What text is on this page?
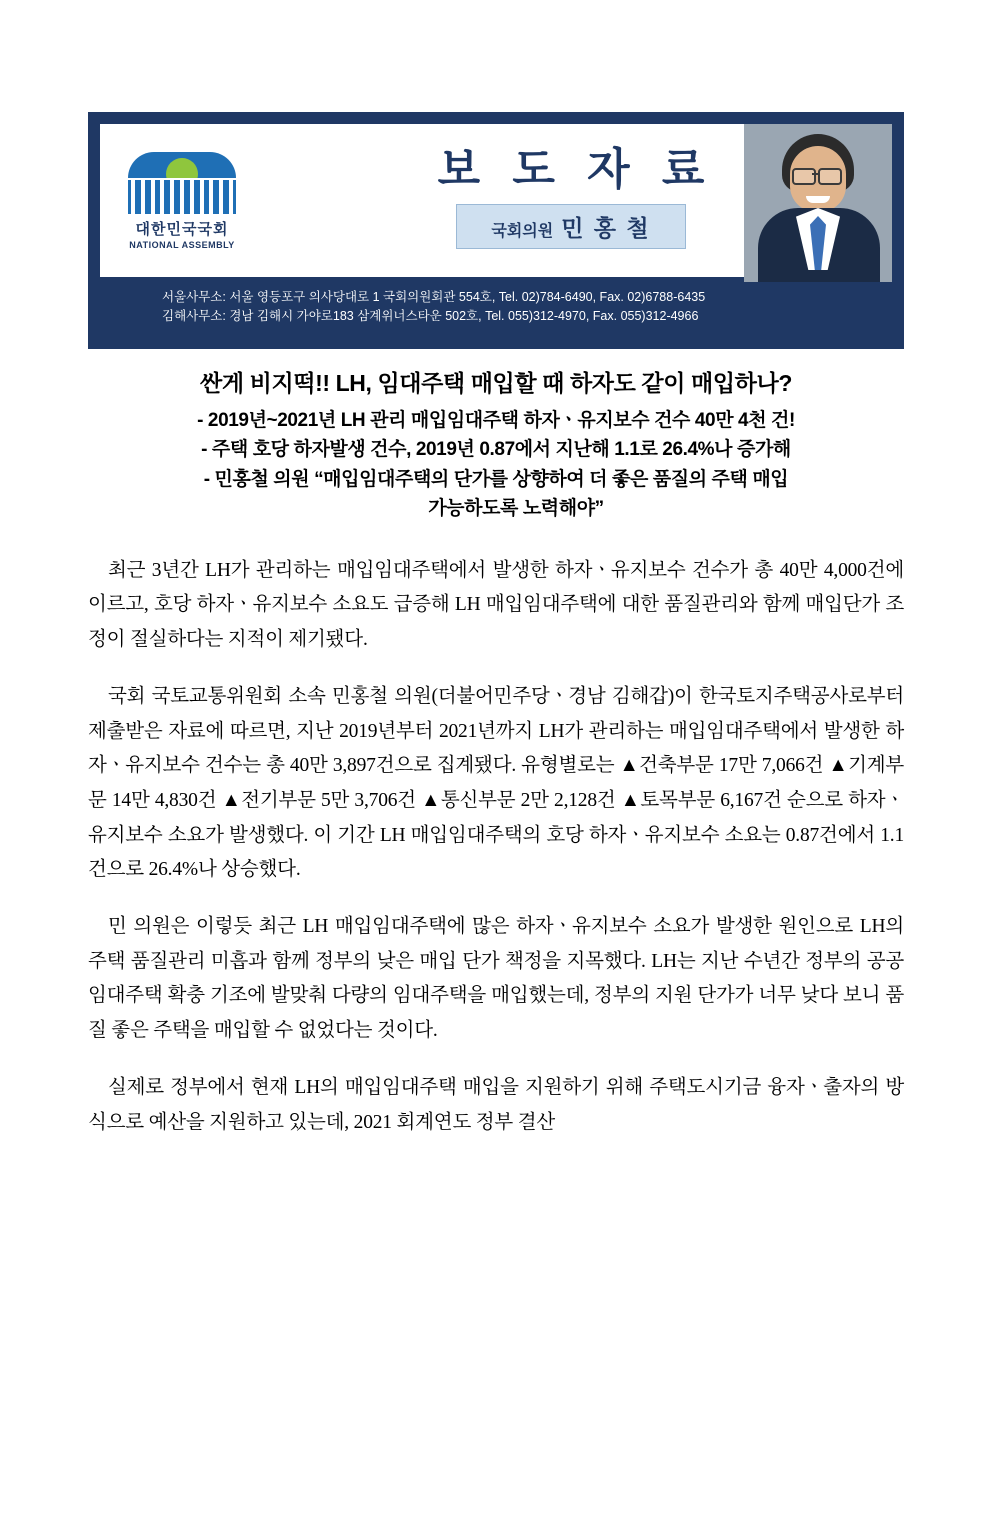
대한민국국회
NATIONAL ASSEMBLY
보 도 자 료
국회의원 민 홍 철
서울사무소: 서울 영등포구 의사당대로 1 국회의원회관 554호, Tel. 02)784-6490, Fax. 02)6788-6435
김해사무소: 경남 김해시 가야로183 삼계위너스타운 502호, Tel. 055)312-4970, Fax. 055)312-4966
싼게 비지떡!! LH, 임대주택 매입할 때 하자도 같이 매입하나?
- 2019년~2021년 LH 관리 매입임대주택 하자ㆍ유지보수 건수 40만 4천 건!
- 주택 호당 하자발생 건수, 2019년 0.87에서 지난해 1.1로 26.4%나 증가해
- 민홍철 의원 “매입임대주택의 단가를 상향하여 더 좋은 품질의 주택 매입
가능하도록 노력해야”

최근 3년간 LH가 관리하는 매입임대주택에서 발생한 하자ㆍ유지보수 건수가 총 40만 4,000건에 이르고, 호당 하자ㆍ유지보수 소요도 급증해 LH 매입임대주택에 대한 품질관리와 함께 매입단가 조정이 절실하다는 지적이 제기됐다.

국회 국토교통위원회 소속 민홍철 의원(더불어민주당ㆍ경남 김해갑)이 한국토지주택공사로부터 제출받은 자료에 따르면, 지난 2019년부터 2021년까지 LH가 관리하는 매입임대주택에서 발생한 하자ㆍ유지보수 건수는 총 40만 3,897건으로 집계됐다. 유형별로는 ▲건축부문 17만 7,066건 ▲기계부문 14만 4,830건 ▲전기부문 5만 3,706건 ▲통신부문 2만 2,128건 ▲토목부문 6,167건 순으로 하자ㆍ유지보수 소요가 발생했다. 이 기간 LH 매입임대주택의 호당 하자ㆍ유지보수 소요는 0.87건에서 1.1건으로 26.4%나 상승했다.

민 의원은 이렇듯 최근 LH 매입임대주택에 많은 하자ㆍ유지보수 소요가 발생한 원인으로 LH의 주택 품질관리 미흡과 함께 정부의 낮은 매입 단가 책정을 지목했다. LH는 지난 수년간 정부의 공공임대주택 확충 기조에 발맞춰 다량의 임대주택을 매입했는데, 정부의 지원 단가가 너무 낮다 보니 품질 좋은 주택을 매입할 수 없었다는 것이다.

실제로 정부에서 현재 LH의 매입임대주택 매입을 지원하기 위해 주택도시기금 융자ㆍ출자의 방식으로 예산을 지원하고 있는데, 2021 회계연도 정부 결산
